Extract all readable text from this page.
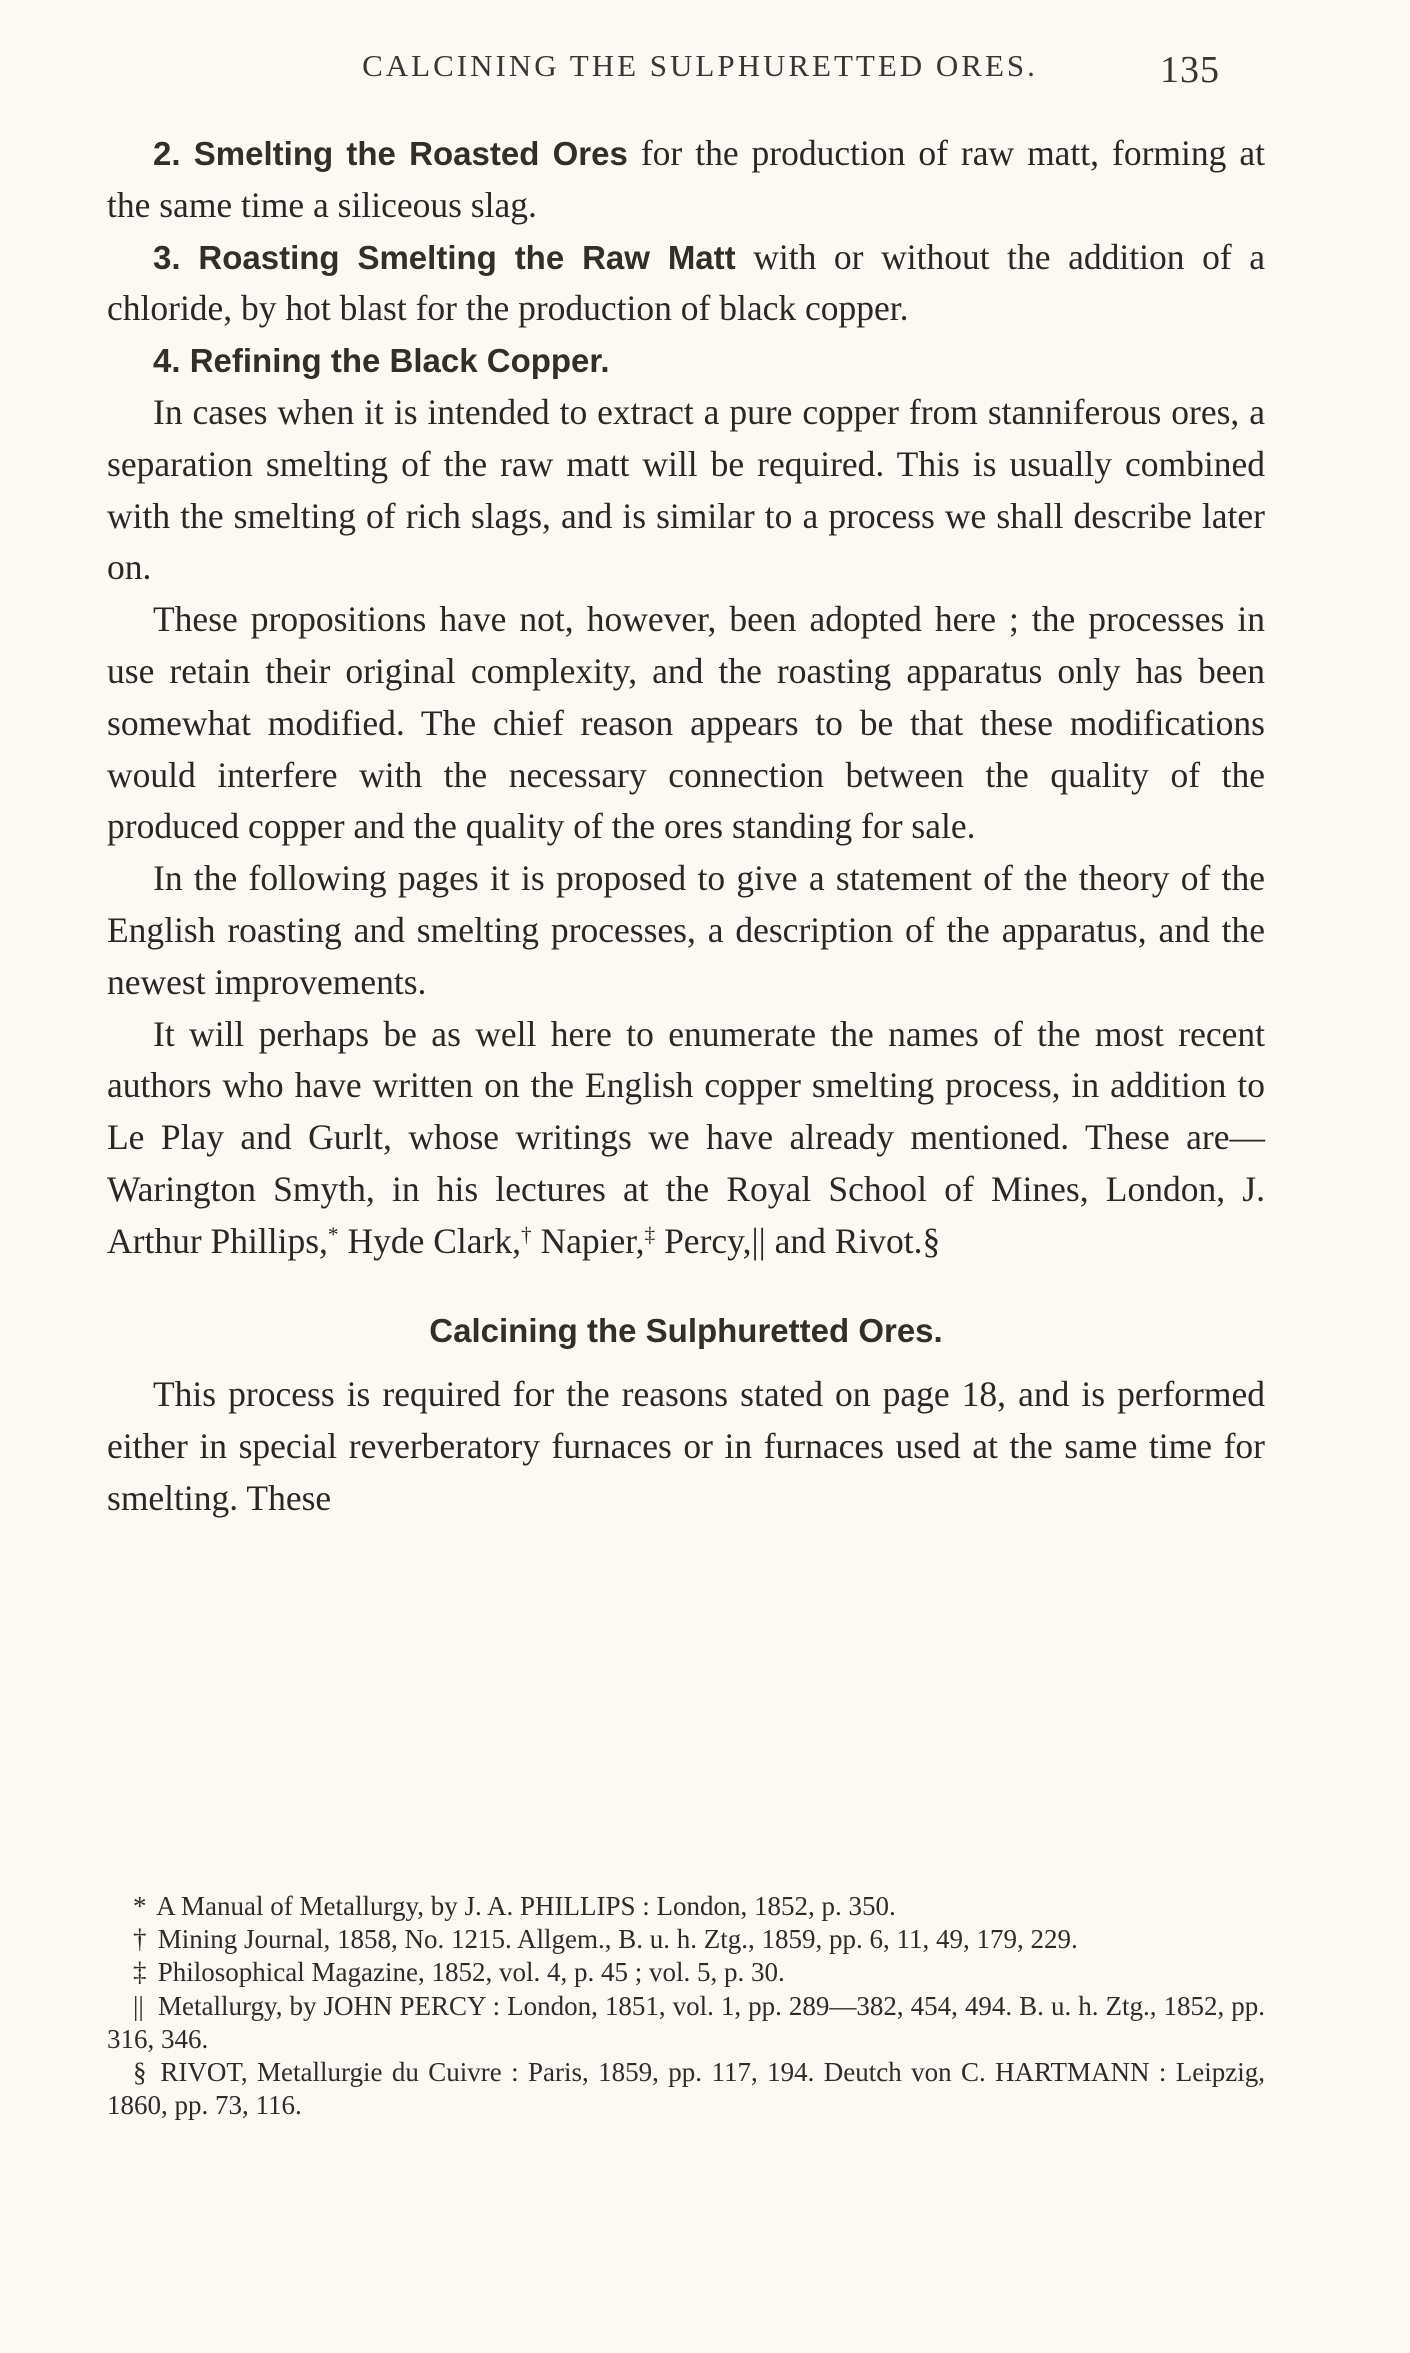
CALCINING THE SULPHURETTED ORES.	135

2. Smelting the Roasted Ores for the production of raw matt, forming at the same time a siliceous slag.

3. Roasting Smelting the Raw Matt with or without the addition of a chloride, by hot blast for the production of black copper.

4. Refining the Black Copper.

In cases when it is intended to extract a pure copper from stanniferous ores, a separation smelting of the raw matt will be required. This is usually combined with the smelting of rich slags, and is similar to a process we shall describe later on.

These propositions have not, however, been adopted here ; the processes in use retain their original complexity, and the roasting apparatus only has been somewhat modified. The chief reason appears to be that these modifications would interfere with the necessary connection between the quality of the produced copper and the quality of the ores standing for sale.

In the following pages it is proposed to give a statement of the theory of the English roasting and smelting processes, a description of the apparatus, and the newest improvements.

It will perhaps be as well here to enumerate the names of the most recent authors who have written on the English copper smelting process, in addition to Le Play and Gurlt, whose writings we have already mentioned. These are—Warington Smyth, in his lectures at the Royal School of Mines, London, J. Arthur Phillips,* Hyde Clark,† Napier,‡ Percy,|| and Rivot.§

Calcining the Sulphuretted Ores.

This process is required for the reasons stated on page 18, and is performed either in special reverberatory furnaces or in furnaces used at the same time for smelting. These

* A Manual of Metallurgy, by J. A. PHILLIPS : London, 1852, p. 350.

† Mining Journal, 1858, No. 1215. Allgem., B. u. h. Ztg., 1859, pp. 6, 11, 49, 179, 229.

‡ Philosophical Magazine, 1852, vol. 4, p. 45 ; vol. 5, p. 30.

|| Metallurgy, by JOHN PERCY : London, 1851, vol. 1, pp. 289—382, 454, 494. B. u. h. Ztg., 1852, pp. 316, 346.

§ RIVOT, Metallurgie du Cuivre : Paris, 1859, pp. 117, 194. Deutch von C. HARTMANN : Leipzig, 1860, pp. 73, 116.
